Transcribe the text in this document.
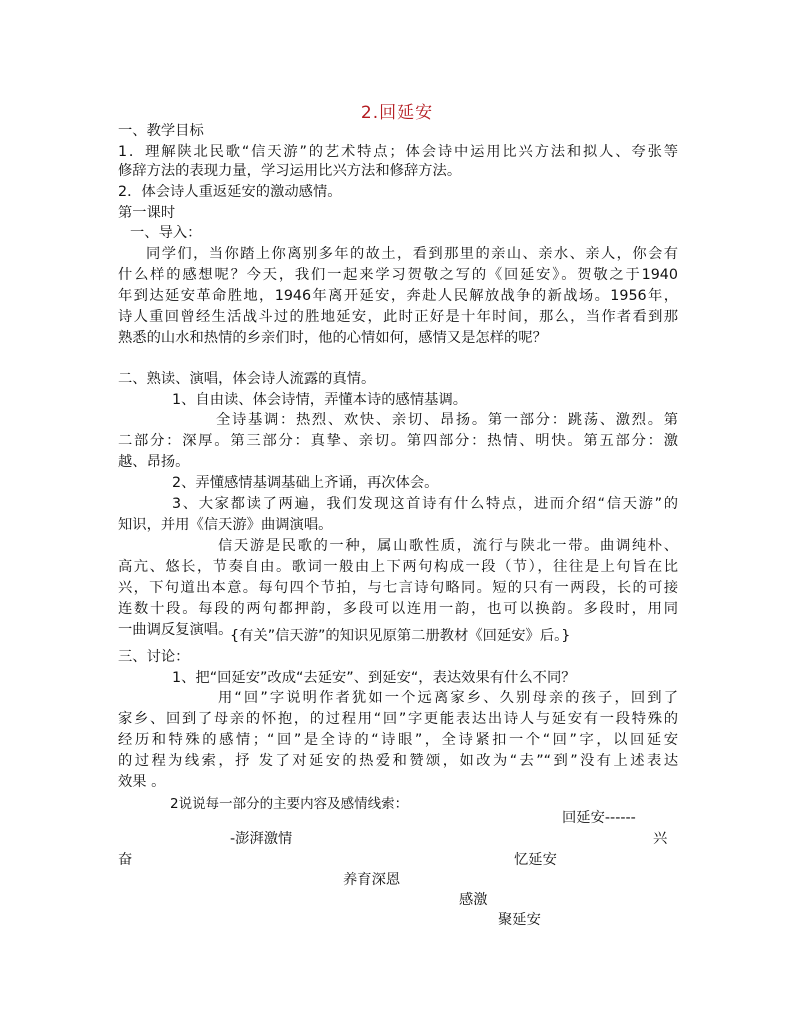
2.回延安
一、教学目标
1．理解陕北民歌“信天游”的艺术特点；体会诗中运用比兴方法和拟人、夸张等
修辞方法的表现力量，学习运用比兴方法和修辞方法。
2．体会诗人重返延安的激动感情。
第一课时
一、导入：
同学们，当你踏上你离别多年的故土，看到那里的亲山、亲水、亲人，你会有
什么样的感想呢？今天，我们一起来学习贺敬之写的《回延安》。贺敬之于1940
年到达延安革命胜地，1946年离开延安，奔赴人民解放战争的新战场。1956年，
诗人重回曾经生活战斗过的胜地延安，此时正好是十年时间，那么，当作者看到那
熟悉的山水和热情的乡亲们时，他的心情如何，感情又是怎样的呢？
二、熟读、演唱，体会诗人流露的真情。
1、自由读、体会诗情，弄懂本诗的感情基调。
全诗基调：热烈、欢快、亲切、昂扬。第一部分：跳荡、激烈。第
二部分：深厚。第三部分：真挚、亲切。第四部分：热情、明快。第五部分：激
越、昂扬。
2、弄懂感情基调基础上齐诵，再次体会。
3、大家都读了两遍，我们发现这首诗有什么特点，进而介绍“信天游”的
知识，并用《信天游》曲调演唱。
信天游是民歌的一种，属山歌性质，流行与陕北一带。曲调纯朴、
高亢、悠长，节奏自由。歌词一般由上下两句构成一段（节），往往是上句旨在比
兴，下句道出本意。每句四个节拍，与七言诗句略同。短的只有一两段，长的可接
连数十段。每段的两句都押韵，多段可以连用一韵，也可以换韵。多段时，用同
一曲调反复演唱。
{有关”信天游”的知识见原第二册教材《回延安》后。}
三、讨论：
1、把“回延安”改成“去延安”、到延安“，表达效果有什么不同？
用“回”字说明作者犹如一个远离家乡、久别母亲的孩子，回到了
家乡、回到了母亲的怀抱，的过程用“回”字更能表达出诗人与延安有一段特殊的
经历和特殊的感情；“回”是全诗的“诗眼”，全诗紧扣一个“回”字，以回延安
的过程为线索，抒 发了对延安的热爱和赞颂，如改为“去”“到”没有上述表达
效果 。
2说说每一部分的主要内容及感情线索：
回延安------
-澎湃激情	兴
奋	忆延安
养育深恩
感激
聚延安
